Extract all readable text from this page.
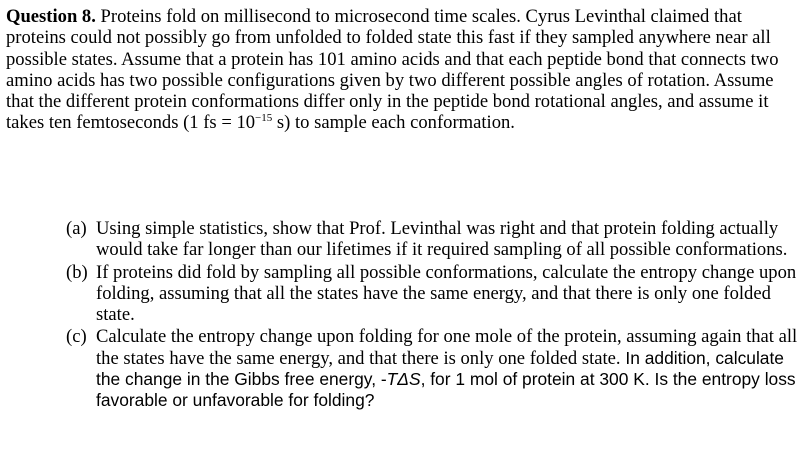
Question 8. Proteins fold on millisecond to microsecond time scales. Cyrus Levinthal claimed that proteins could not possibly go from unfolded to folded state this fast if they sampled anywhere near all possible states. Assume that a protein has 101 amino acids and that each peptide bond that connects two amino acids has two possible configurations given by two different possible angles of rotation. Assume that the different protein conformations differ only in the peptide bond rotational angles, and assume it takes ten femtoseconds (1 fs = $10^{-15}$ s) to sample each conformation.
(a) Using simple statistics, show that Prof. Levinthal was right and that protein folding actually would take far longer than our lifetimes if it required sampling of all possible conformations.
(b) If proteins did fold by sampling all possible conformations, calculate the entropy change upon folding, assuming that all the states have the same energy, and that there is only one folded state.
(c) Calculate the entropy change upon folding for one mole of the protein, assuming again that all the states have the same energy, and that there is only one folded state. In addition, calculate the change in the Gibbs free energy, -TΔS, for 1 mol of protein at 300 K. Is the entropy loss favorable or unfavorable for folding?
